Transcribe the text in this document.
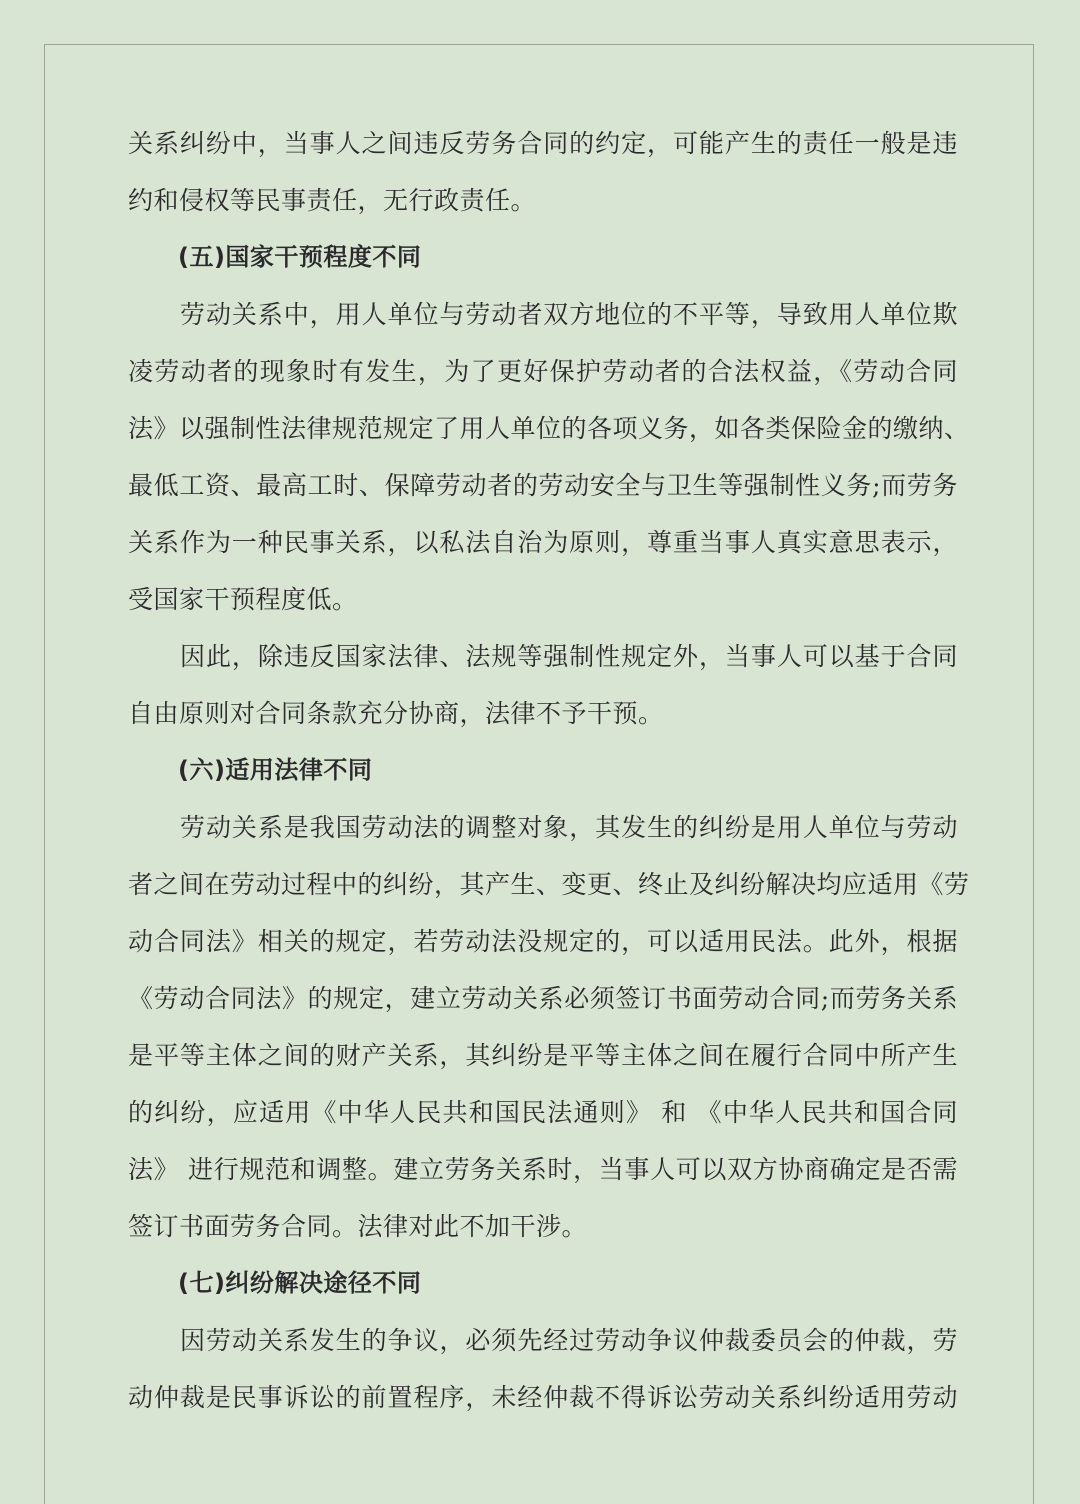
关系纠纷中，当事人之间违反劳务合同的约定，可能产生的责任一般是违
约和侵权等民事责任，无行政责任。
(五)国家干预程度不同
劳动关系中，用人单位与劳动者双方地位的不平等，导致用人单位欺
凌劳动者的现象时有发生，为了更好保护劳动者的合法权益，《劳动合同
法》以强制性法律规范规定了用人单位的各项义务，如各类保险金的缴纳、
最低工资、最高工时、保障劳动者的劳动安全与卫生等强制性义务;而劳务
关系作为一种民事关系，以私法自治为原则，尊重当事人真实意思表示，
受国家干预程度低。
因此，除违反国家法律、法规等强制性规定外，当事人可以基于合同
自由原则对合同条款充分协商，法律不予干预。
(六)适用法律不同
劳动关系是我国劳动法的调整对象，其发生的纠纷是用人单位与劳动
者之间在劳动过程中的纠纷，其产生、变更、终止及纠纷解决均应适用《劳
动合同法》相关的规定，若劳动法没规定的，可以适用民法。此外，根据
《劳动合同法》的规定，建立劳动关系必须签订书面劳动合同;而劳务关系
是平等主体之间的财产关系，其纠纷是平等主体之间在履行合同中所产生
的纠纷，应适用《中华人民共和国民法通则》 和 《中华人民共和国合同
法》 进行规范和调整。建立劳务关系时，当事人可以双方协商确定是否需
签订书面劳务合同。法律对此不加干涉。
(七)纠纷解决途径不同
因劳动关系发生的争议，必须先经过劳动争议仲裁委员会的仲裁，劳
动仲裁是民事诉讼的前置程序，未经仲裁不得诉讼劳动关系纠纷适用劳动
